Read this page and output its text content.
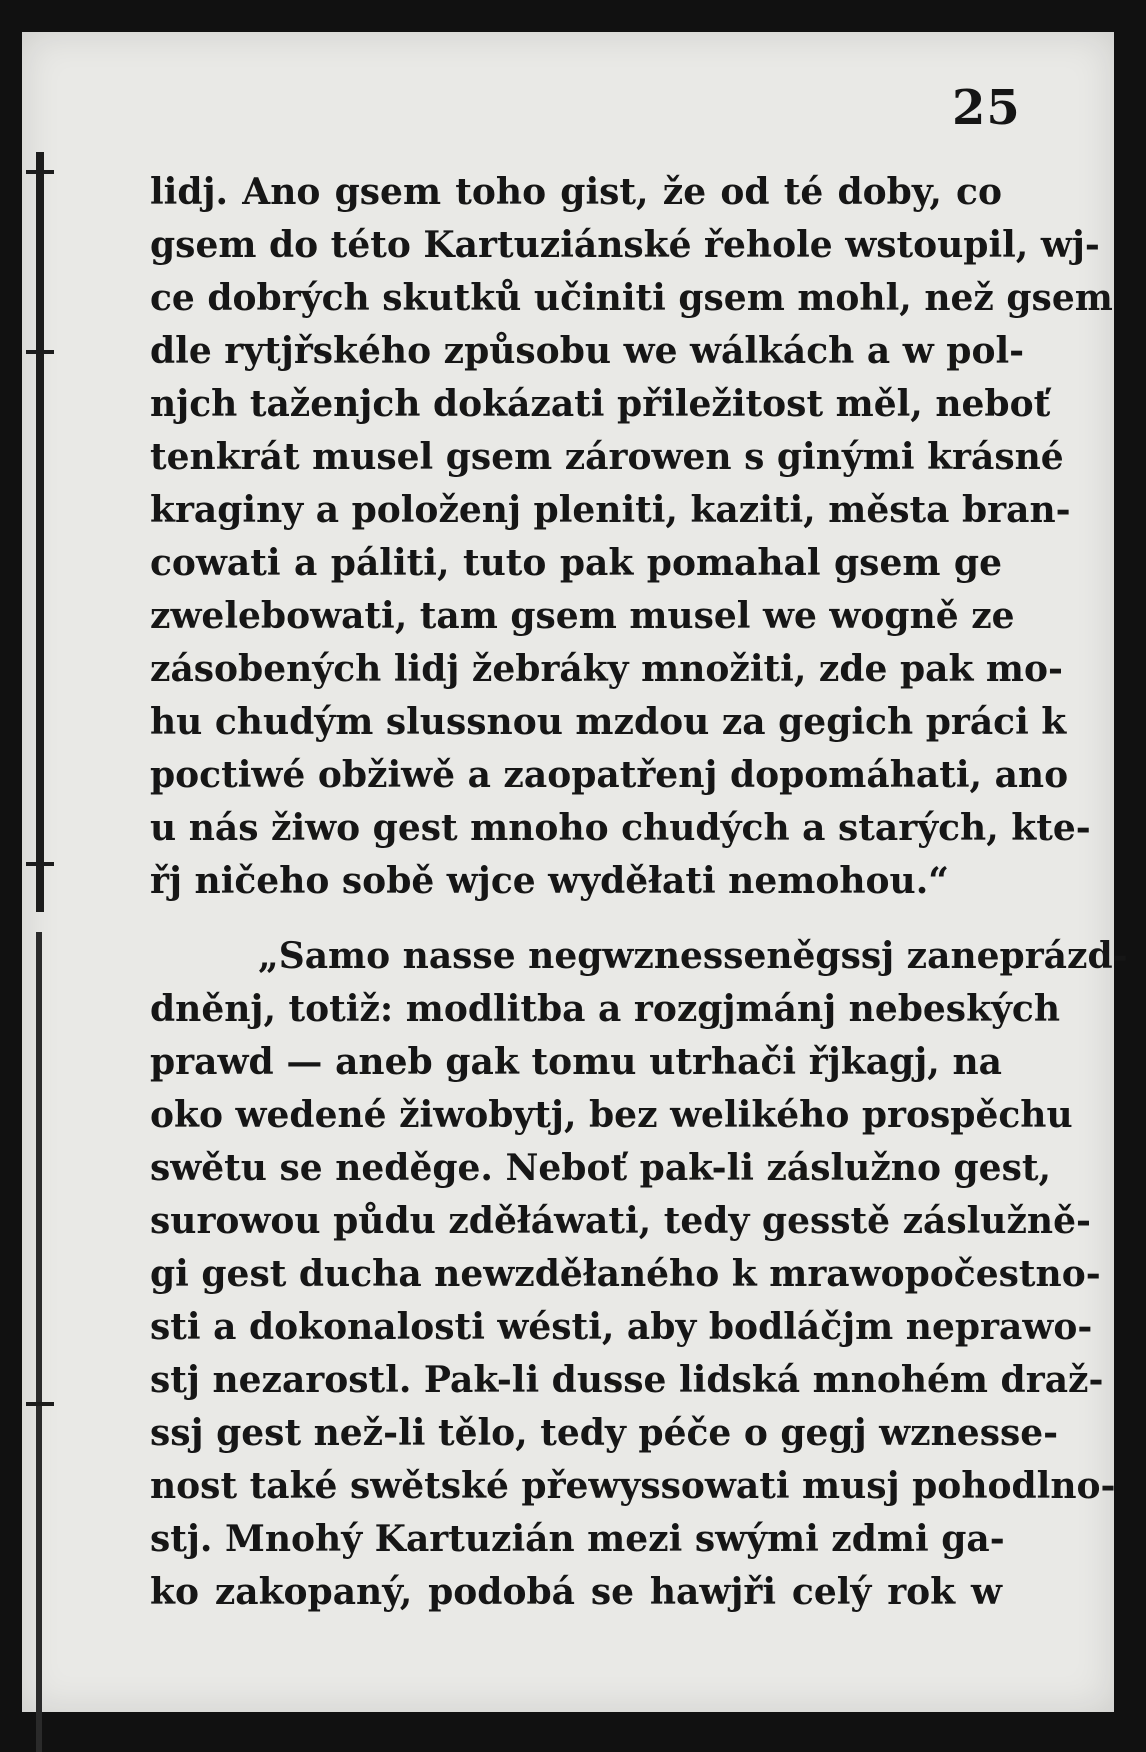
25

lidj. Ano gsem toho gist, že od té doby, co
gsem do této Kartuziánské řehole wstoupil, wj-
ce dobrých skutků učiniti gsem mohl, než gsem
dle rytjřského způsobu we wálkách a w pol-
njch taženjch dokázati přiležitost měl, neboť
tenkrát musel gsem zárowen s ginými krásné
kraginy a položenj pleniti, kaziti, města bran-
cowati a páliti, tuto pak pomahal gsem ge
zwelebowati, tam gsem musel we wogně ze
zásobených lidj žebráky množiti, zde pak mo-
hu chudým slussnou mzdou za gegich práci k
poctiwé obžiwě a zaopatřenj dopomáhati, ano
u nás žiwo gest mnoho chudých a starých, kte-
řj ničeho sobě wjce wyděłati nemohou.“

„Samo nasse negwznesseněgssj zaneprázd-
dněnj, totiž: modlitba a rozgjmánj nebeských
prawd — aneb gak tomu utrhači řjkagj, na
oko wedené žiwobytj, bez welikého prospěchu
swětu se neděge. Neboť pak-li záslužno gest,
surowou půdu zděłáwati, tedy gesstě záslužně-
gi gest ducha newzděłaného k mrawopočestno-
sti a dokonalosti wésti, aby bodláčjm neprawo-
stj nezarostl. Pak-li dusse lidská mnohém draž-
ssj gest než-li tělo, tedy péče o gegj wznesse-
nost také swětské přewyssowati musj pohodlno-
stj. Mnohý Kartuzián mezi swými zdmi ga-
ko zakopaný, podobá se hawjři celý rok w
